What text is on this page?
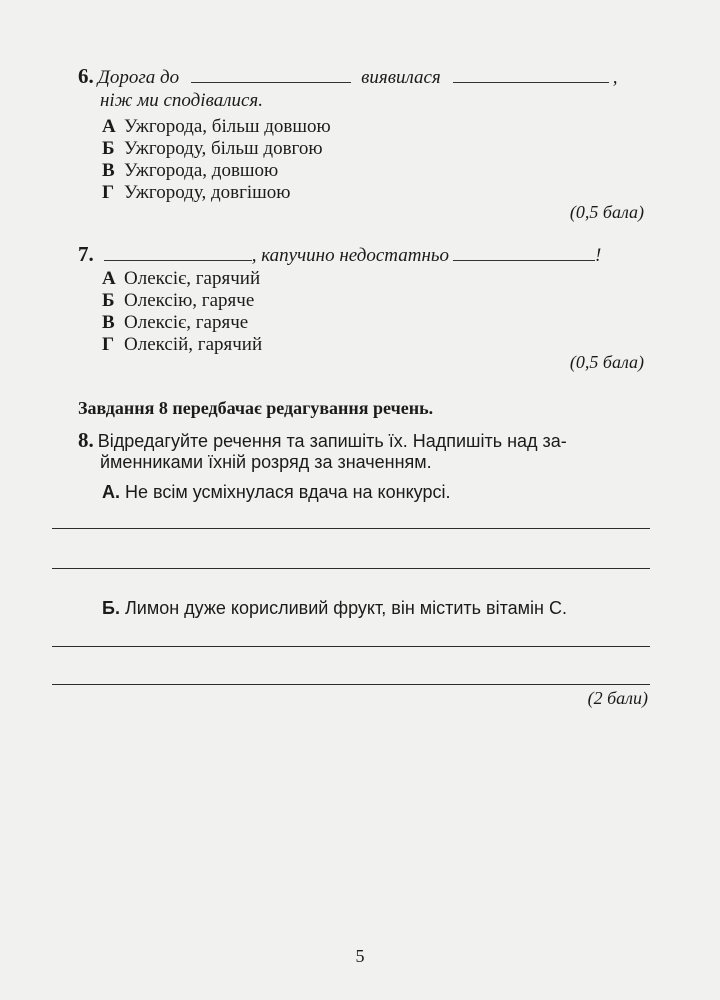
6. Дорога до	виявилася	,
ніж ми сподівалися.
А Ужгорода, більш довшою
Б Ужгороду, більш довгою
В Ужгорода, довшою
Г Ужгороду, довгішою
(0,5 бала)
7.	, капучино недостатньо	!
А Олексіє, гарячий
Б Олексію, гаряче
В Олексіє, гаряче
Г Олексій, гарячий
(0,5 бала)
Завдання 8 передбачає редагування речень.
8. Відредагуйте речення та запишіть їх. Надпишіть над за-
йменниками їхній розряд за значенням.
А. Не всім усміхнулася вдача на конкурсі.
Б. Лимон дуже корисливий фрукт, він містить вітамін С.
(2 бали)
5
